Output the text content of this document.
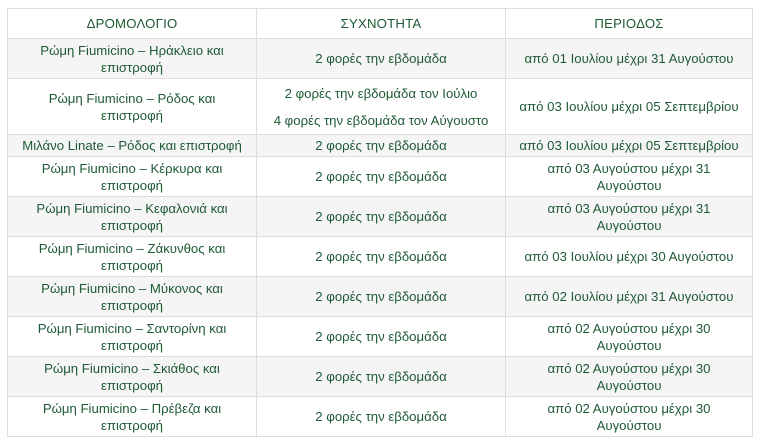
ΔΡΟΜΟΛΟΓΙΟ	ΣΥΧΝΟΤΗΤΑ	ΠΕΡΙΟΔΟΣ

Ρώμη Fiumicino – Ηράκλειο και
επιστροφή	2 φορές την εβδομάδα	από 01 Ιουλίου μέχρι 31 Αυγούστου

Ρώμη Fiumicino – Ρόδος και
επιστροφή	2 φορές την εβδομάδα τον Ιούλιο
4 φορές την εβδομάδα τον Αύγουστο	από 03 Ιουλίου μέχρι 05 Σεπτεμβρίου

Μιλάνο Linate – Ρόδος και επιστροφή	2 φορές την εβδομάδα	από 03 Ιουλίου μέχρι 05 Σεπτεμβρίου

Ρώμη Fiumicino – Κέρκυρα και
επιστροφή	2 φορές την εβδομάδα	από 03 Αυγούστου μέχρι 31
Αυγούστου

Ρώμη Fiumicino – Κεφαλονιά και
επιστροφή	2 φορές την εβδομάδα	από 03 Αυγούστου μέχρι 31
Αυγούστου

Ρώμη Fiumicino – Ζάκυνθος και
επιστροφή	2 φορές την εβδομάδα	από 03 Ιουλίου μέχρι 30 Αυγούστου

Ρώμη Fiumicino – Μύκονος και
επιστροφή	2 φορές την εβδομάδα	από 02 Ιουλίου μέχρι 31 Αυγούστου

Ρώμη Fiumicino – Σαντορίνη και
επιστροφή	2 φορές την εβδομάδα	από 02 Αυγούστου μέχρι 30
Αυγούστου

Ρώμη Fiumicino – Σκιάθος και
επιστροφή	2 φορές την εβδομάδα	από 02 Αυγούστου μέχρι 30
Αυγούστου

Ρώμη Fiumicino – Πρέβεζα και
επιστροφή	2 φορές την εβδομάδα	από 02 Αυγούστου μέχρι 30
Αυγούστου
